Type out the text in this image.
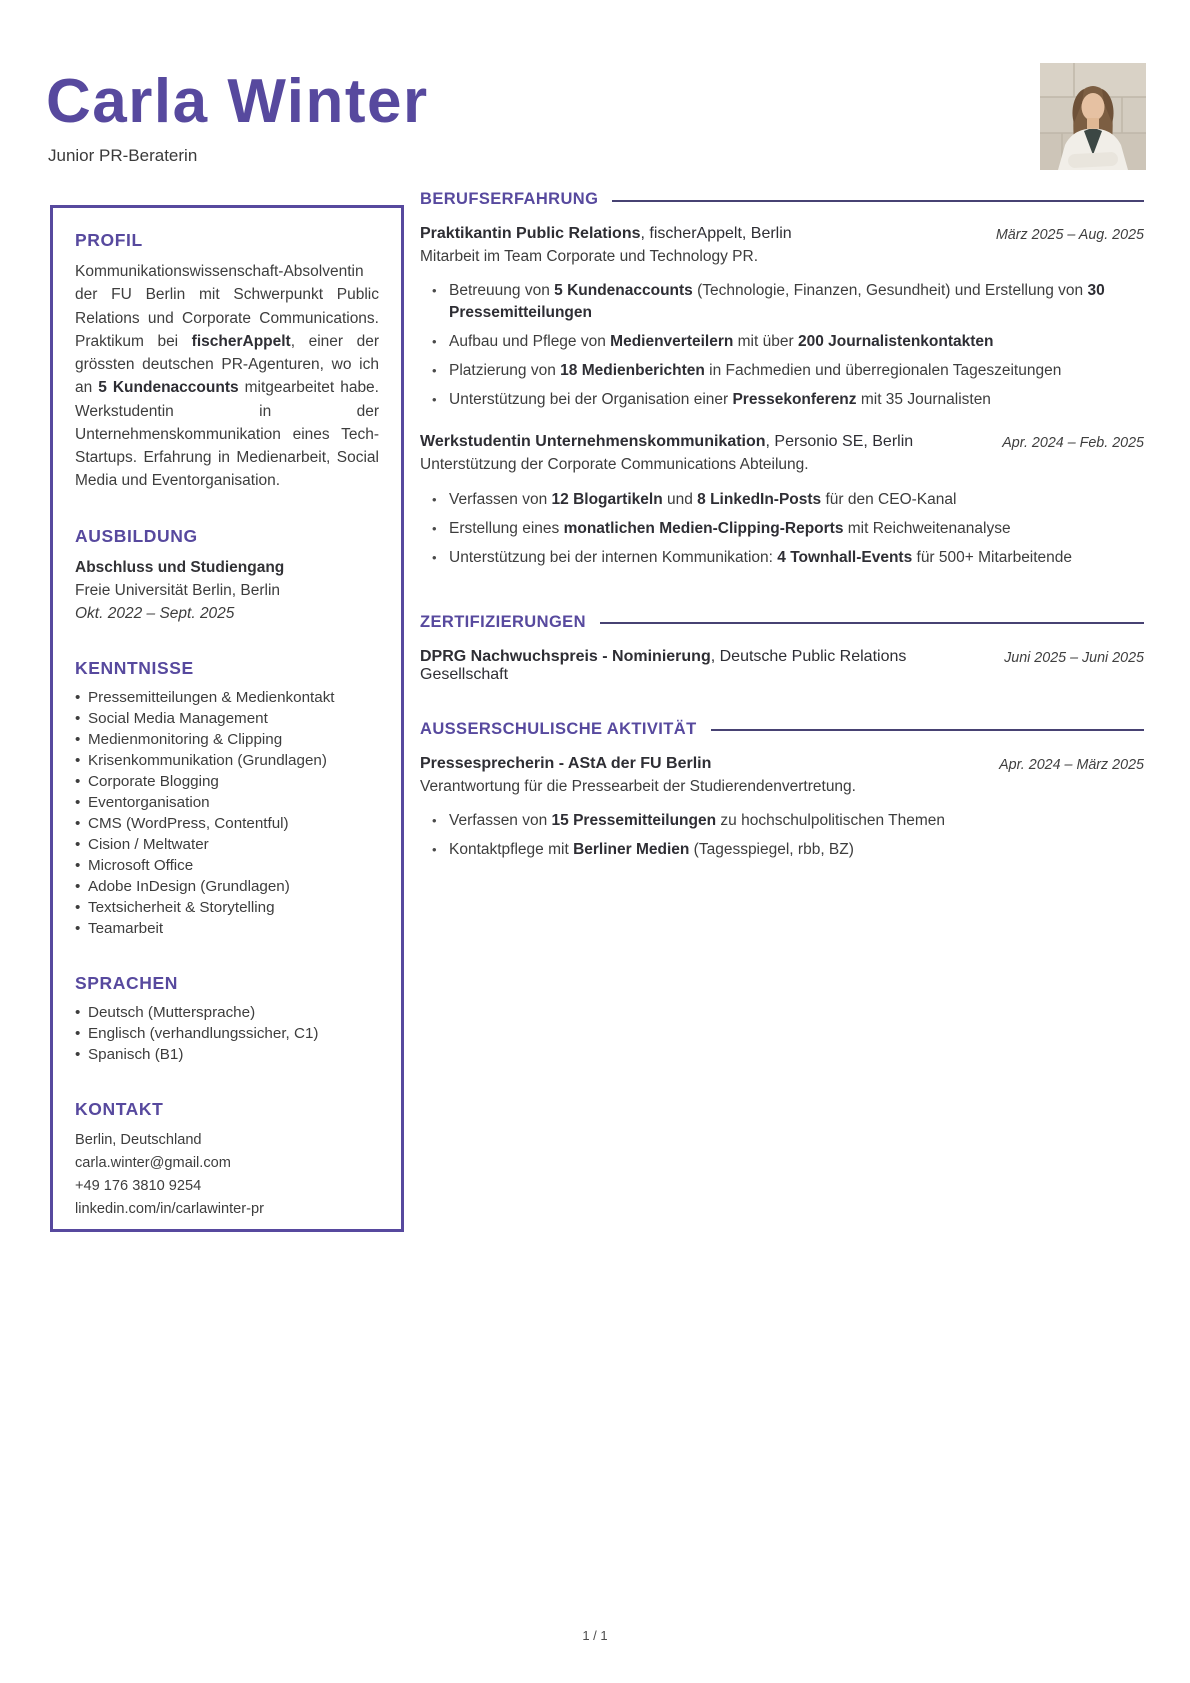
Carla Winter
Junior PR-Beraterin
PROFIL

Kommunikationswissenschaft-Absolventin der FU Berlin mit Schwerpunkt Public Relations und Corporate Communications. Praktikum bei fischerAppelt, einer der grössten deutschen PR-Agenturen, wo ich an 5 Kundenaccounts mitgearbeitet habe. Werkstudentin in der Unternehmenskommunikation eines Tech-Startups. Erfahrung in Medienarbeit, Social Media und Eventorganisation.

AUSBILDUNG
Abschluss und Studiengang
Freie Universität Berlin, Berlin
Okt. 2022 – Sept. 2025
KENNTNISSE
• Pressemitteilungen & Medienkontakt
• Social Media Management
• Medienmonitoring & Clipping
• Krisenkommunikation (Grundlagen)
• Corporate Blogging
• Eventorganisation
• CMS (WordPress, Contentful)
• Cision / Meltwater
• Microsoft Office
• Adobe InDesign (Grundlagen)
• Textsicherheit & Storytelling
• Teamarbeit
SPRACHEN
• Deutsch (Muttersprache)
• Englisch (verhandlungssicher, C1)
• Spanisch (B1)
KONTAKT
Berlin, Deutschland
carla.winter@gmail.com
+49 176 3810 9254
linkedin.com/in/carlawinter-pr
BERUFSERFAHRUNG
Praktikantin Public Relations, fischerAppelt, Berlin	März 2025 – Aug. 2025
Mitarbeit im Team Corporate und Technology PR.
• Betreuung von 5 Kundenaccounts (Technologie, Finanzen, Gesundheit) und Erstellung von 30 Pressemitteilungen
• Aufbau und Pflege von Medienverteilern mit über 200 Journalistenkontakten
• Platzierung von 18 Medienberichten in Fachmedien und überregionalen Tageszeitungen
• Unterstützung bei der Organisation einer Pressekonferenz mit 35 Journalisten
Werkstudentin Unternehmenskommunikation, Personio SE, Berlin	Apr. 2024 – Feb. 2025
Unterstützung der Corporate Communications Abteilung.
• Verfassen von 12 Blogartikeln und 8 LinkedIn-Posts für den CEO-Kanal
• Erstellung eines monatlichen Medien-Clipping-Reports mit Reichweitenanalyse
• Unterstützung bei der internen Kommunikation: 4 Townhall-Events für 500+ Mitarbeitende
ZERTIFIZIERUNGEN
DPRG Nachwuchspreis - Nominierung, Deutsche Public Relations Gesellschaft
Juni 2025 – Juni 2025
AUSSERSCHULISCHE AKTIVITÄT
Pressesprecherin - AStA der FU Berlin	Apr. 2024 – März 2025
Verantwortung für die Pressearbeit der Studierendenvertretung.
• Verfassen von 15 Pressemitteilungen zu hochschulpolitischen Themen
• Kontaktpflege mit Berliner Medien (Tagesspiegel, rbb, BZ)
1 / 1
